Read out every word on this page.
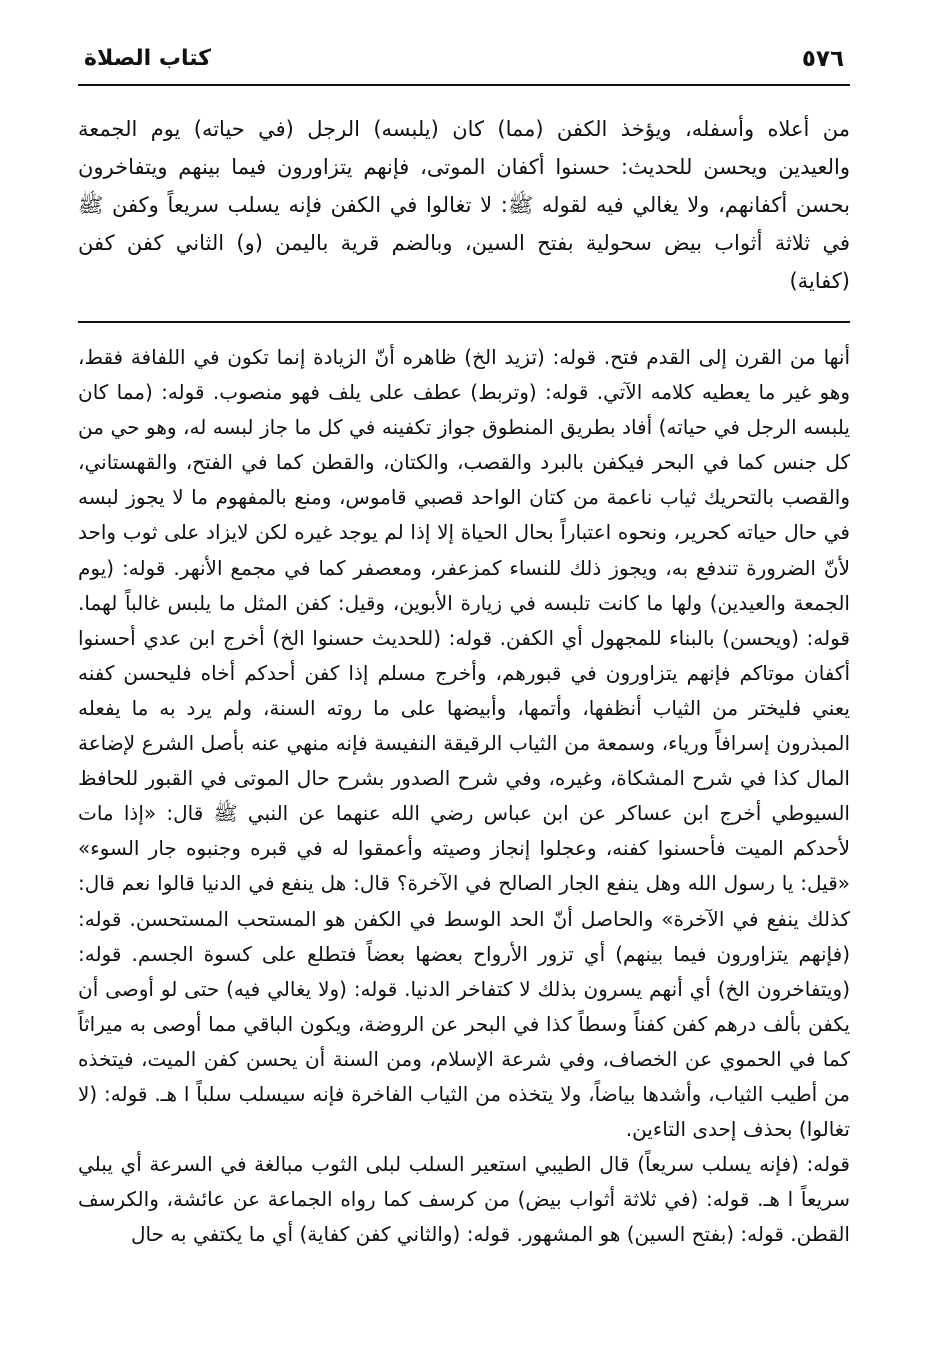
٥٧٦
كتاب الصلاة
من أعلاه وأسفله، ويؤخذ الكفن (مما) كان (يلبسه) الرجل (في حياته) يوم الجمعة والعيدين ويحسن للحديث: حسنوا أكفان الموتى، فإنهم يتزاورون فيما بينهم ويتفاخرون بحسن أكفانهم، ولا يغالي فيه لقوله ﷺ: لا تغالوا في الكفن فإنه يسلب سريعاً وكفن ﷺ في ثلاثة أثواب بيض سحولية بفتح السين، وبالضم قرية باليمن (و) الثاني كفن كفن (كفاية)
أنها من القرن إلى القدم فتح. قوله: (تزيد الخ) ظاهره أنّ الزيادة إنما تكون في اللفافة فقط، وهو غير ما يعطيه كلامه الآتي. قوله: (وتربط) عطف على يلف فهو منصوب. قوله: (مما كان يلبسه الرجل في حياته) أفاد بطريق المنطوق جواز تكفينه في كل ما جاز لبسه له، وهو حي من كل جنس كما في البحر فيكفن بالبرد والقصب، والكتان، والقطن كما في الفتح، والقهستاني، والقصب بالتحريك ثياب ناعمة من كتان الواحد قصبي قاموس، ومنع بالمفهوم ما لا يجوز لبسه في حال حياته كحرير، ونحوه اعتباراً بحال الحياة إلا إذا لم يوجد غيره لكن لايزاد على ثوب واحد لأنّ الضرورة تندفع به، ويجوز ذلك للنساء كمزعفر، ومعصفر كما في مجمع الأنهر. قوله: (يوم الجمعة والعيدين) ولها ما كانت تلبسه في زيارة الأبوين، وقيل: كفن المثل ما يلبس غالباً لهما. قوله: (ويحسن) بالبناء للمجهول أي الكفن. قوله: (للحديث حسنوا الخ) أخرج ابن عدي أحسنوا أكفان موتاكم فإنهم يتزاورون في قبورهم، وأخرج مسلم إذا كفن أحدكم أخاه فليحسن كفنه يعني فليختر من الثياب أنظفها، وأتمها، وأبيضها على ما روته السنة، ولم يرد به ما يفعله المبذرون إسرافاً ورياء، وسمعة من الثياب الرقيقة النفيسة فإنه منهي عنه بأصل الشرع لإضاعة المال كذا في شرح المشكاة، وغيره، وفي شرح الصدور بشرح حال الموتى في القبور للحافظ السيوطي أخرج ابن عساكر عن ابن عباس رضي الله عنهما عن النبي ﷺ قال: «إذا مات لأحدكم الميت فأحسنوا كفنه، وعجلوا إنجاز وصيته وأعمقوا له في قبره وجنبوه جار السوء» «قيل: يا رسول الله وهل ينفع الجار الصالح في الآخرة؟ قال: هل ينفع في الدنيا قالوا نعم قال: كذلك ينفع في الآخرة» والحاصل أنّ الحد الوسط في الكفن هو المستحب المستحسن. قوله: (فإنهم يتزاورون فيما بينهم) أي تزور الأرواح بعضها بعضاً فتطلع على كسوة الجسم. قوله: (ويتفاخرون الخ) أي أنهم يسرون بذلك لا كتفاخر الدنيا. قوله: (ولا يغالي فيه) حتى لو أوصى أن يكفن بألف درهم كفن كفناً وسطاً كذا في البحر عن الروضة، ويكون الباقي مما أوصى به ميراثاً كما في الحموي عن الخصاف، وفي شرعة الإسلام، ومن السنة أن يحسن كفن الميت، فيتخذه من أطيب الثياب، وأشدها بياضاً، ولا يتخذه من الثياب الفاخرة فإنه سيسلب سلباً ا هـ. قوله: (لا تغالوا) بحذف إحدى التاءين.
قوله: (فإنه يسلب سريعاً) قال الطيبي استعير السلب لبلى الثوب مبالغة في السرعة أي يبلي سريعاً ا هـ. قوله: (في ثلاثة أثواب بيض) من كرسف كما رواه الجماعة عن عائشة، والكرسف القطن. قوله: (بفتح السين) هو المشهور. قوله: (والثاني كفن كفاية) أي ما يكتفي به حال
